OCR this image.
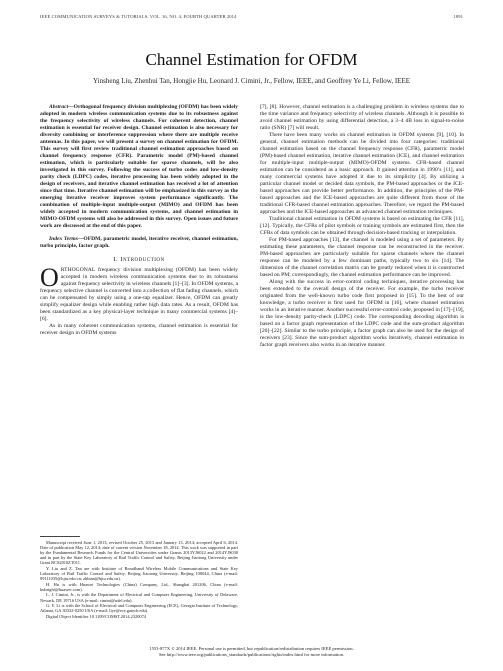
IEEE COMMUNICATION SURVEYS & TUTORIALS, VOL. 16, NO. 4, FOURTH QUARTER 2014	1891
Channel Estimation for OFDM
Yinsheng Liu, Zhenhui Tan, Hongjie Hu, Leonard J. Cimini, Jr., Fellow, IEEE, and Geoffrey Ye Li, Fellow, IEEE

Abstract—Orthogonal frequency division multiplexing (OFDM) has been widely adopted in modern wireless communication systems due to its robustness against the frequency selectivity of wireless channels. For coherent detection, channel estimation is essential for receiver design. Channel estimation is also necessary for diversity combining or interference suppression where there are multiple receive antennas. In this paper, we will present a survey on channel estimation for OFDM. This survey will first review traditional channel estimation approaches based on channel frequency response (CFR). Parametric model (PM)-based channel estimation, which is particularly suitable for sparse channels, will be also investigated in this survey. Following the success of turbo codes and low-density parity check (LDPC) codes, iterative processing has been widely adopted in the design of receivers, and iterative channel estimation has received a lot of attention since that time. Iterative channel estimation will be emphasized in this survey as the emerging iterative receiver improves system performance significantly. The combination of multiple-input multiple-output (MIMO) and OFDM has been widely accepted in modern communication systems, and channel estimation in MIMO-OFDM systems will also be addressed in this survey. Open issues and future work are discussed at the end of this paper.

Index Terms—OFDM, parametric model, iterative receiver, channel estimation, turbo principle, factor graph.

I. Introduction

ORTHOGONAL frequency division multiplexing (OFDM) has been widely accepted in modern wireless communication systems due to its robustness against frequency selectivity in wireless channels [1]–[3]. In OFDM systems, a frequency selective channel is converted into a collection of flat fading channels, which can be compensated by simply using a one-tap equalizer. Hence, OFDM can greatly simplify equalizer design while enabling rather high data rates. As a result, OFDM has been standardized as a key physical-layer technique in many commercial systems [4]–[6].

As in many coherent communication systems, channel estimation is essential for receiver design in OFDM systems

Manuscript received June 1, 2013; revised October 25, 2013 and January 13, 2014; accepted April 6, 2014. Date of publication May 12, 2014; date of current version November 18, 2014. This work was supported in part by the Fundamental Research Funds for the Central Universities under Grants 2013YJS022 and 2014YJS030 and in part by the State Key Laboratory of Rail Traffic Control and Safety, Beijing Jiaotong University under Grant RCS2010ZT011.

Y. Liu and Z. Tan are with Institute of Broadband Wireless Mobile Communications and State Key Laboratory of Rail Traffic Control and Safety, Beijing Jiaotong University, Beijing 100044, China (e-mail: 09111035@bjtu.edu.cn; zhhtan@bjtu.edu.cn).

H. Hu is with Huawei Technologies (China) Company, Ltd., Shanghai 201206, China (e-mail: hubright@huawei.com).

L. J. Cimini, Jr., is with the Department of Electrical and Computer Engineering, University of Delaware, Newark, DE 19716 USA (e-mail: cimini@udel.edu).

G. Y. Li is with the School of Electrical and Computer Engineering (ECE), Georgia Institute of Technology, Atlanta, GA 30332-0250 USA (e-mail: liye@ece.gatech.edu).

Digital Object Identifier 10.1109/COMST.2014.2320074

[7], [8]. However, channel estimation is a challenging problem in wireless systems due to the time variance and frequency selectivity of wireless channels. Although it is possible to avoid channel estimation by using differential detection, a 3–4 dB loss in signal-to-noise ratio (SNR) [7] will result.

There have been many works on channel estimation in OFDM systems [9], [10]. In general, channel estimation methods can be divided into four categories: traditional channel estimation based on the channel frequency response (CFR), parametric model (PM)-based channel estimation, iterative channel estimation (ICE), and channel estimation for multiple-input multiple-output (MIMO)-OFDM systems. CFR-based channel estimation can be considered as a basic approach. It gained attention in 1990’s [11], and many commercial systems have adopted it due to its simplicity [4]. By utilizing a particular channel model or decided data symbols, the PM-based approaches or the ICE-based approaches can provide better performance. In addition, the principles of the PM-based approaches and the ICE-based approaches are quite different from those of the traditional CFR-based channel estimation approaches. Therefore, we regard the PM-based approaches and the ICE-based approaches as advanced channel estimation techniques.

Traditional channel estimation in OFDM systems is based on estimating the CFR [11], [12]. Typically, the CFRs of pilot symbols or training symbols are estimated first, then the CFRs of data symbols can be obtained through decision-based tracking or interpolation.

For PM-based approaches [13], the channel is modeled using a set of parameters. By estimating these parameters, the channel response can be reconstructed in the receiver. PM-based approaches are particularly suitable for sparse channels where the channel response can be modeled by a few dominant paths, typically two to six [14]. The dimension of the channel correlation matrix can be greatly reduced when it is constructed based on PM; correspondingly, the channel estimation performance can be improved.

Along with the success in error-control coding techniques, iterative processing has been extended to the overall design of the receiver. For example, the turbo receiver originated from the well-known turbo code first proposed in [15]. To the best of our knowledge, a turbo receiver is first used for OFDM in [16], where channel estimation works in an iterative manner. Another successful error-control code, proposed in [17]–[19], is the low-density parity-check (LDPC) code. The corresponding decoding algorithm is based on a factor graph representation of the LDPC code and the sum-product algorithm [20]–[22]. Similar to the turbo principle, a factor graph can also be used for the design of receivers [23]. Since the sum-product algorithm works iteratively, channel estimation in factor graph receivers also works in an iterative manner.

1553-877X © 2014 IEEE. Personal use is permitted, but republication/redistribution requires IEEE permission.
See http://www.ieee.org/publications_standards/publications/rights/index.html for more information.
